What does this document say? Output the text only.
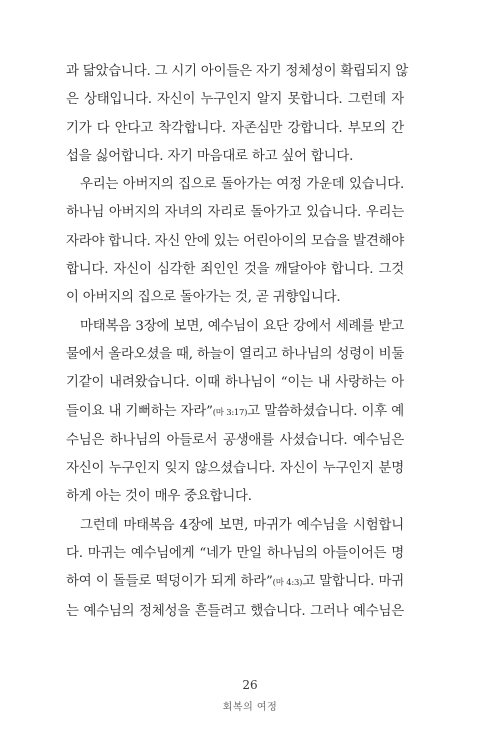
과 닮았습니다. 그 시기 아이들은 자기 정체성이 확립되지 않
은 상태입니다. 자신이 누구인지 알지 못합니다. 그런데 자
기가 다 안다고 착각합니다. 자존심만 강합니다. 부모의 간
섭을 싫어합니다. 자기 마음대로 하고 싶어 합니다.

우리는 아버지의 집으로 돌아가는 여정 가운데 있습니다.
하나님 아버지의 자녀의 자리로 돌아가고 있습니다. 우리는
자라야 합니다. 자신 안에 있는 어린아이의 모습을 발견해야
합니다. 자신이 심각한 죄인인 것을 깨달아야 합니다. 그것
이 아버지의 집으로 돌아가는 것, 곧 귀향입니다.

마태복음 3장에 보면, 예수님이 요단 강에서 세례를 받고
물에서 올라오셨을 때, 하늘이 열리고 하나님의 성령이 비둘
기같이 내려왔습니다. 이때 하나님이 “이는 내 사랑하는 아
들이요 내 기뻐하는 자라”(마 3:17)고 말씀하셨습니다. 이후 예
수님은 하나님의 아들로서 공생애를 사셨습니다. 예수님은
자신이 누구인지 잊지 않으셨습니다. 자신이 누구인지 분명
하게 아는 것이 매우 중요합니다.

그런데 마태복음 4장에 보면, 마귀가 예수님을 시험합니
다. 마귀는 예수님에게 “네가 만일 하나님의 아들이어든 명
하여 이 돌들로 떡덩이가 되게 하라”(마 4:3)고 말합니다. 마귀
는 예수님의 정체성을 흔들려고 했습니다. 그러나 예수님은

26
회복의 여정
